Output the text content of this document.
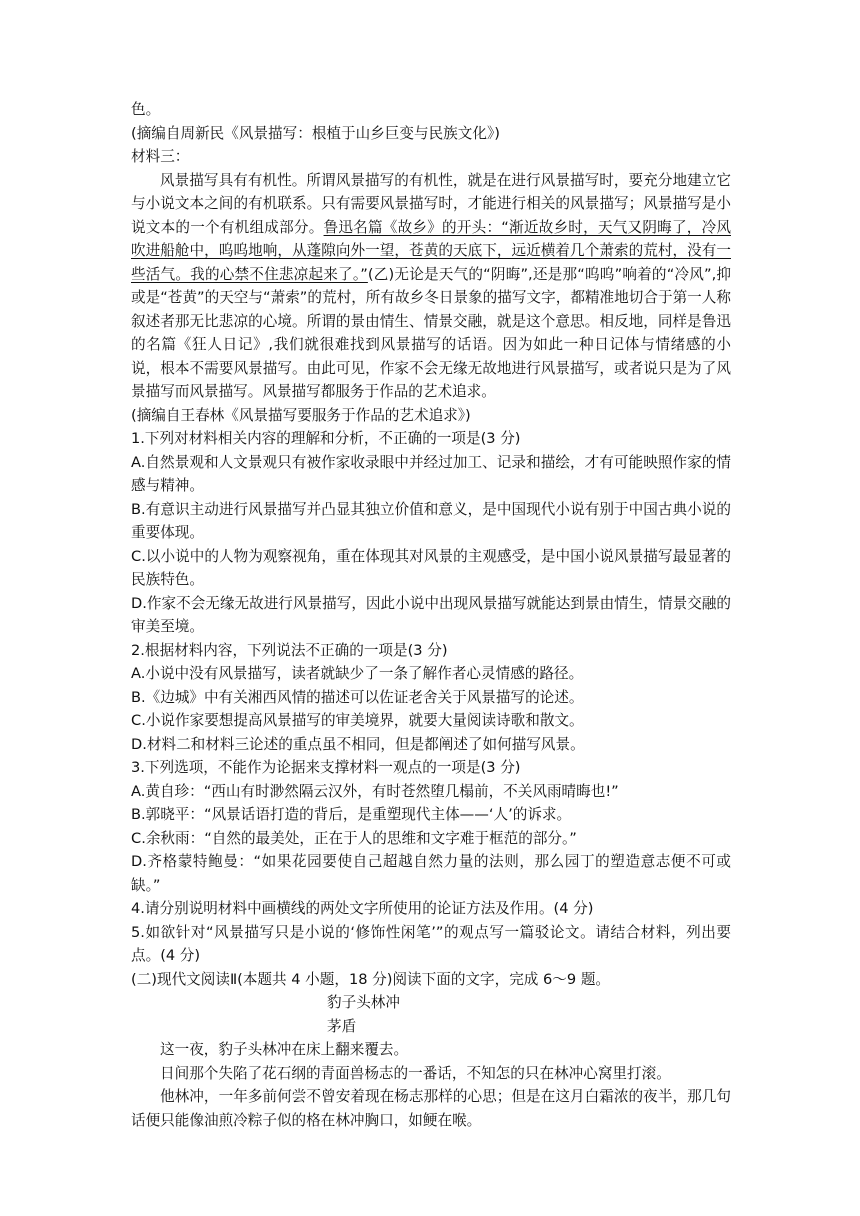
色。

(摘编自周新民《风景描写：根植于山乡巨变与民族文化》)

材料三：

风景描写具有有机性。所谓风景描写的有机性，就是在进行风景描写时，要充分地建立它与小说文本之间的有机联系。只有需要风景描写时，才能进行相关的风景描写；风景描写是小说文本的一个有机组成部分。鲁迅名篇《故乡》的开头：“渐近故乡时，天气又阴晦了，冷风吹进船舱中，呜呜地响，从蓬隙向外一望，苍黄的天底下，远近横着几个萧索的荒村，没有一些活气。我的心禁不住悲凉起来了。”(乙)无论是天气的“阴晦”,还是那“呜呜”响着的“冷风”,抑或是“苍黄”的天空与“萧索”的荒村，所有故乡冬日景象的描写文字，都精准地切合于第一人称叙述者那无比悲凉的心境。所谓的景由情生、情景交融，就是这个意思。相反地，同样是鲁迅的名篇《狂人日记》,我们就很难找到风景描写的话语。因为如此一种日记体与情绪感的小说，根本不需要风景描写。由此可见，作家不会无缘无故地进行风景描写，或者说只是为了风景描写而风景描写。风景描写都服务于作品的艺术追求。

(摘编自王春林《风景描写要服务于作品的艺术追求》)

1.下列对材料相关内容的理解和分析，不正确的一项是(3 分)

A.自然景观和人文景观只有被作家收录眼中并经过加工、记录和描绘，才有可能映照作家的情感与精神。

B.有意识主动进行风景描写并凸显其独立价值和意义，是中国现代小说有别于中国古典小说的重要体现。

C.以小说中的人物为观察视角，重在体现其对风景的主观感受，是中国小说风景描写最显著的民族特色。

D.作家不会无缘无故进行风景描写，因此小说中出现风景描写就能达到景由情生，情景交融的审美至境。

2.根据材料内容，下列说法不正确的一项是(3 分)

A.小说中没有风景描写，读者就缺少了一条了解作者心灵情感的路径。

B.《边城》中有关湘西风情的描述可以佐证老舍关于风景描写的论述。

C.小说作家要想提高风景描写的审美境界，就要大量阅读诗歌和散文。

D.材料二和材料三论述的重点虽不相同，但是都阐述了如何描写风景。

3.下列选项，不能作为论据来支撑材料一观点的一项是(3 分)

A.黄自珍：“西山有时渺然隔云汉外，有时苍然堕几榻前，不关风雨晴晦也!”

B.郭晓平：“风景话语打造的背后，是重塑现代主体——‘人’的诉求。

C.余秋雨：“自然的最美处，正在于人的思维和文字难于框范的部分。”

D.齐格蒙特鲍曼：“如果花园要使自己超越自然力量的法则，那么园丁的塑造意志便不可或缺。”

4.请分别说明材料中画横线的两处文字所使用的论证方法及作用。(4 分)

5.如欲针对“风景描写只是小说的‘修饰性闲笔’”的观点写一篇驳论文。请结合材料，列出要点。(4 分)

(二)现代文阅读Ⅱ(本题共 4 小题，18 分)阅读下面的文字，完成 6～9 题。

豹子头林冲

茅盾

这一夜，豹子头林冲在床上翻来覆去。

日间那个失陷了花石纲的青面兽杨志的一番话，不知怎的只在林冲心窝里打滚。

他林冲，一年多前何尝不曾安着现在杨志那样的心思；但是在这月白霜浓的夜半，那几句话便只能像油煎冷粽子似的格在林冲胸口，如鲠在喉。
